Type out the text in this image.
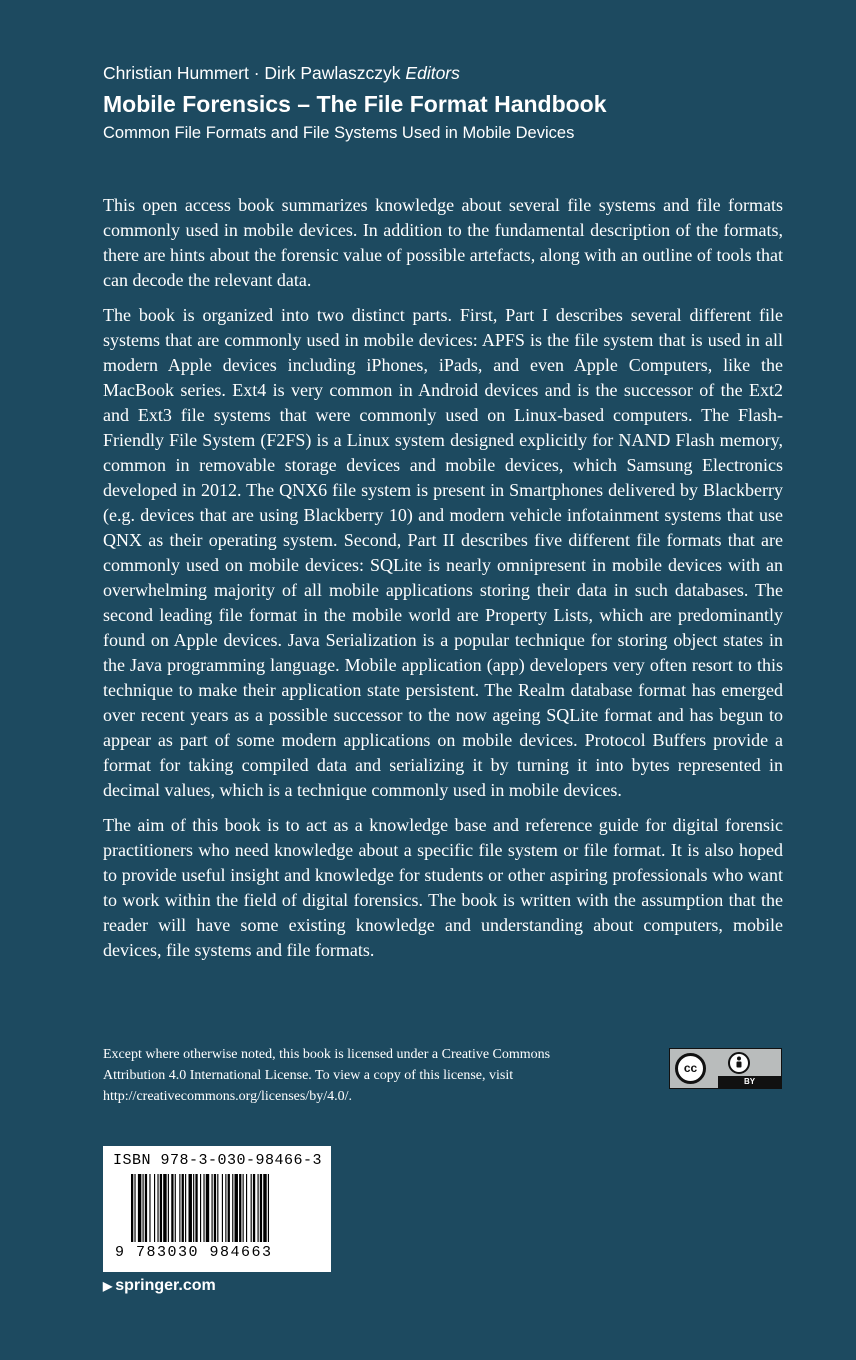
Christian Hummert · Dirk Pawlaszczyk Editors
Mobile Forensics – The File Format Handbook
Common File Formats and File Systems Used in Mobile Devices

This open access book summarizes knowledge about several file systems and file formats commonly used in mobile devices. In addition to the fundamental description of the formats, there are hints about the forensic value of possible artefacts, along with an outline of tools that can decode the relevant data.

The book is organized into two distinct parts. First, Part I describes several different file systems that are commonly used in mobile devices: APFS is the file system that is used in all modern Apple devices including iPhones, iPads, and even Apple Computers, like the MacBook series. Ext4 is very common in Android devices and is the successor of the Ext2 and Ext3 file systems that were commonly used on Linux-based computers. The Flash-Friendly File System (F2FS) is a Linux system designed explicitly for NAND Flash memory, common in removable storage devices and mobile devices, which Samsung Electronics developed in 2012. The QNX6 file system is present in Smartphones delivered by Blackberry (e.g. devices that are using Blackberry 10) and modern vehicle infotainment systems that use QNX as their operating system. Second, Part II describes five different file formats that are commonly used on mobile devices: SQLite is nearly omnipresent in mobile devices with an overwhelming majority of all mobile applications storing their data in such databases. The second leading file format in the mobile world are Property Lists, which are predominantly found on Apple devices. Java Serialization is a popular technique for storing object states in the Java programming language. Mobile application (app) developers very often resort to this technique to make their application state persistent. The Realm database format has emerged over recent years as a possible successor to the now ageing SQLite format and has begun to appear as part of some modern applications on mobile devices. Protocol Buffers provide a format for taking compiled data and serializing it by turning it into bytes represented in decimal values, which is a technique commonly used in mobile devices.

The aim of this book is to act as a knowledge base and reference guide for digital forensic practitioners who need knowledge about a specific file system or file format. It is also hoped to provide useful insight and knowledge for students or other aspiring professionals who want to work within the field of digital forensics. The book is written with the assumption that the reader will have some existing knowledge and understanding about computers, mobile devices, file systems and file formats.

Except where otherwise noted, this book is licensed under a Creative Commons Attribution 4.0 International License. To view a copy of this license, visit http://creativecommons.org/licenses/by/4.0/.
cc
BY
ISBN 978-3-030-98466-3
9 783030 984663
▶ springer.com
